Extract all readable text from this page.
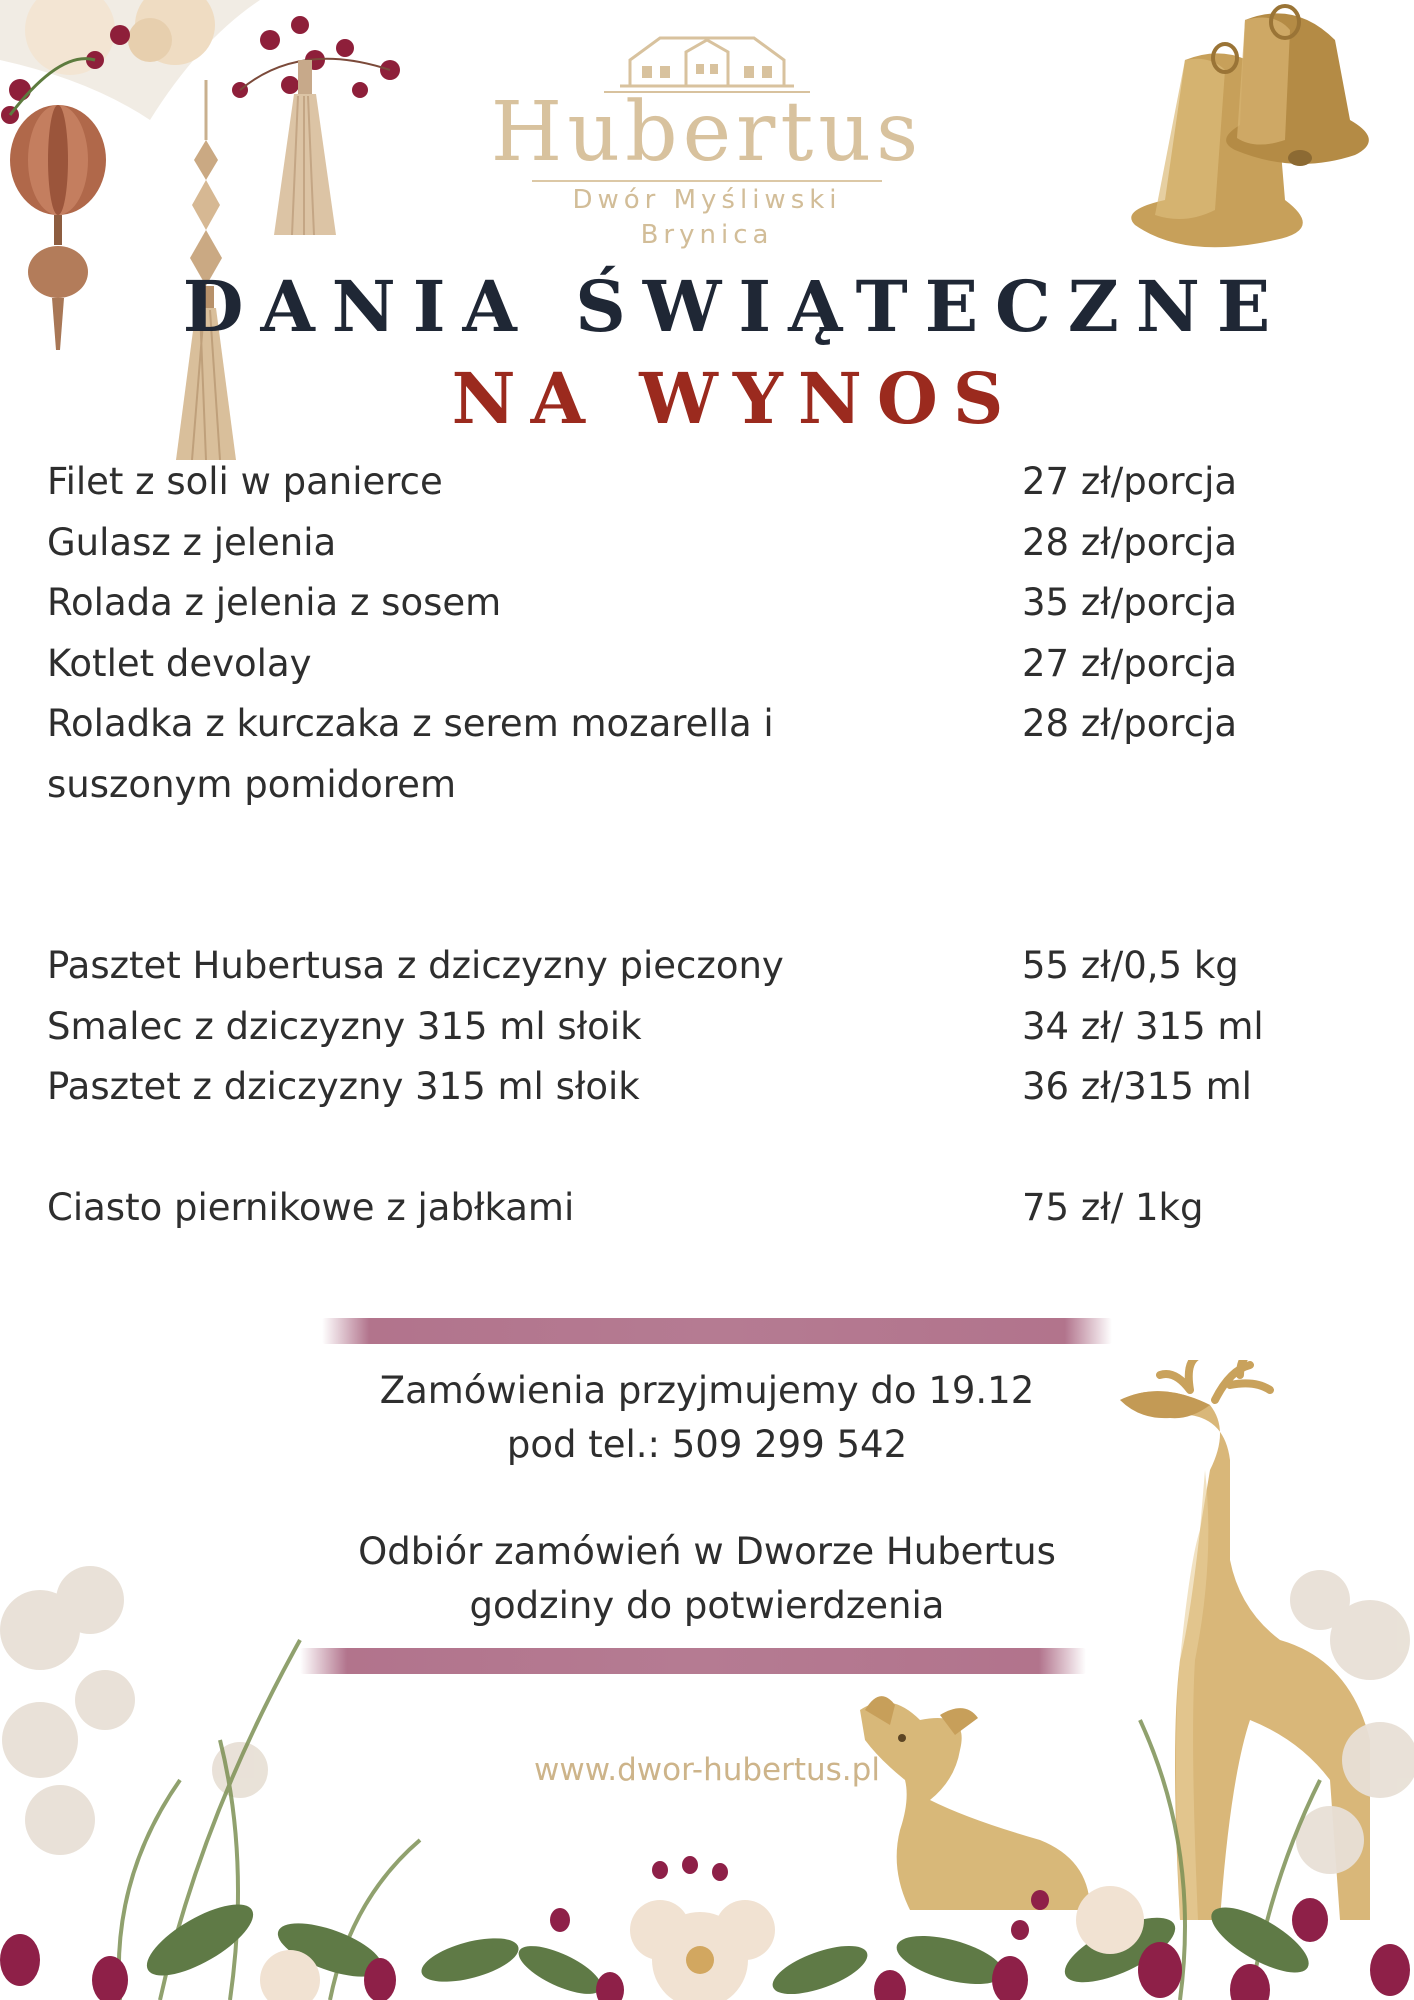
Hubertus
Dwór Myśliwski
Brynica
DANIA ŚWIĄTECZNE
NA WYNOS
Filet z soli w panierce	27 zł/porcja
Gulasz z jelenia	28 zł/porcja
Rolada z jelenia z sosem	35 zł/porcja
Kotlet devolay	27 zł/porcja
Roladka z kurczaka z serem mozarella i	28 zł/porcja
suszonym pomidorem
Pasztet Hubertusa z dziczyzny pieczony	55 zł/0,5 kg
Smalec z dziczyzny 315 ml słoik	34 zł/ 315 ml
Pasztet z dziczyzny 315 ml słoik	36 zł/315 ml
Ciasto piernikowe z jabłkami	75 zł/ 1kg
Zamówienia przyjmujemy do 19.12
pod tel.: 509 299 542
Odbiór zamówień w Dworze Hubertus
godziny do potwierdzenia
www.dwor-hubertus.pl
